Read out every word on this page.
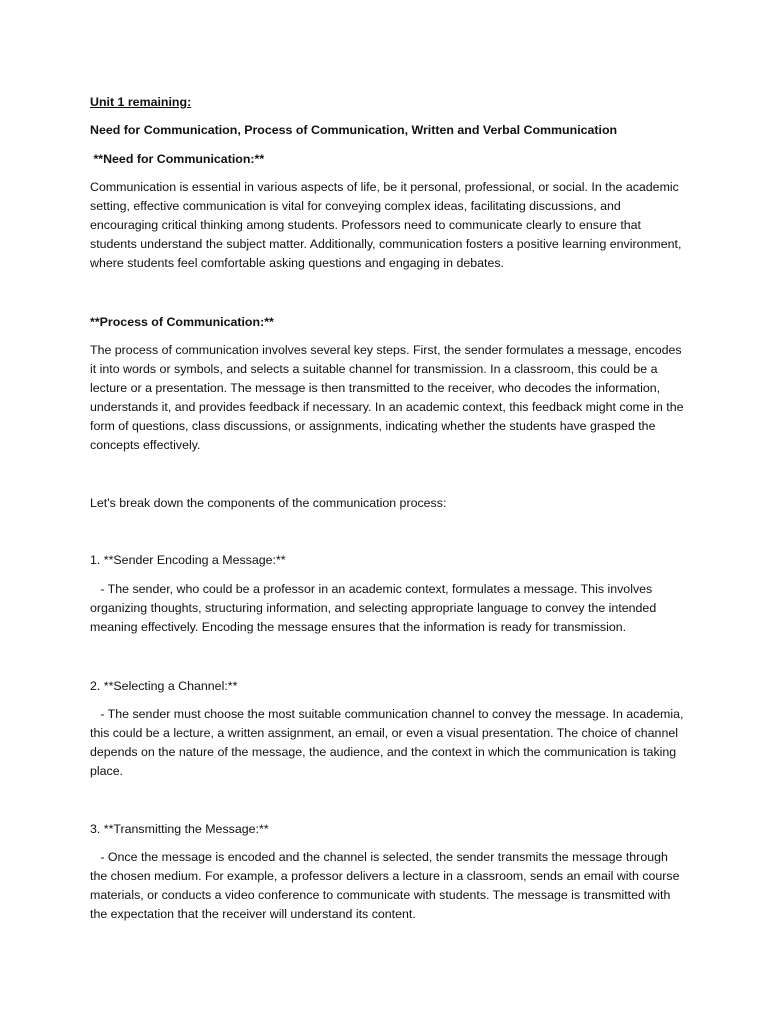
Unit 1 remaining:

Need for Communication, Process of Communication, Written and Verbal Communication

**Need for Communication:**

Communication is essential in various aspects of life, be it personal, professional, or social. In the academic setting, effective communication is vital for conveying complex ideas, facilitating discussions, and encouraging critical thinking among students. Professors need to communicate clearly to ensure that students understand the subject matter. Additionally, communication fosters a positive learning environment, where students feel comfortable asking questions and engaging in debates.

**Process of Communication:**

The process of communication involves several key steps. First, the sender formulates a message, encodes it into words or symbols, and selects a suitable channel for transmission. In a classroom, this could be a lecture or a presentation. The message is then transmitted to the receiver, who decodes the information, understands it, and provides feedback if necessary. In an academic context, this feedback might come in the form of questions, class discussions, or assignments, indicating whether the students have grasped the concepts effectively.

Let's break down the components of the communication process:

1. **Sender Encoding a Message:**

- The sender, who could be a professor in an academic context, formulates a message. This involves organizing thoughts, structuring information, and selecting appropriate language to convey the intended meaning effectively. Encoding the message ensures that the information is ready for transmission.

2. **Selecting a Channel:**

- The sender must choose the most suitable communication channel to convey the message. In academia, this could be a lecture, a written assignment, an email, or even a visual presentation. The choice of channel depends on the nature of the message, the audience, and the context in which the communication is taking place.

3. **Transmitting the Message:**

- Once the message is encoded and the channel is selected, the sender transmits the message through the chosen medium. For example, a professor delivers a lecture in a classroom, sends an email with course materials, or conducts a video conference to communicate with students. The message is transmitted with the expectation that the receiver will understand its content.
